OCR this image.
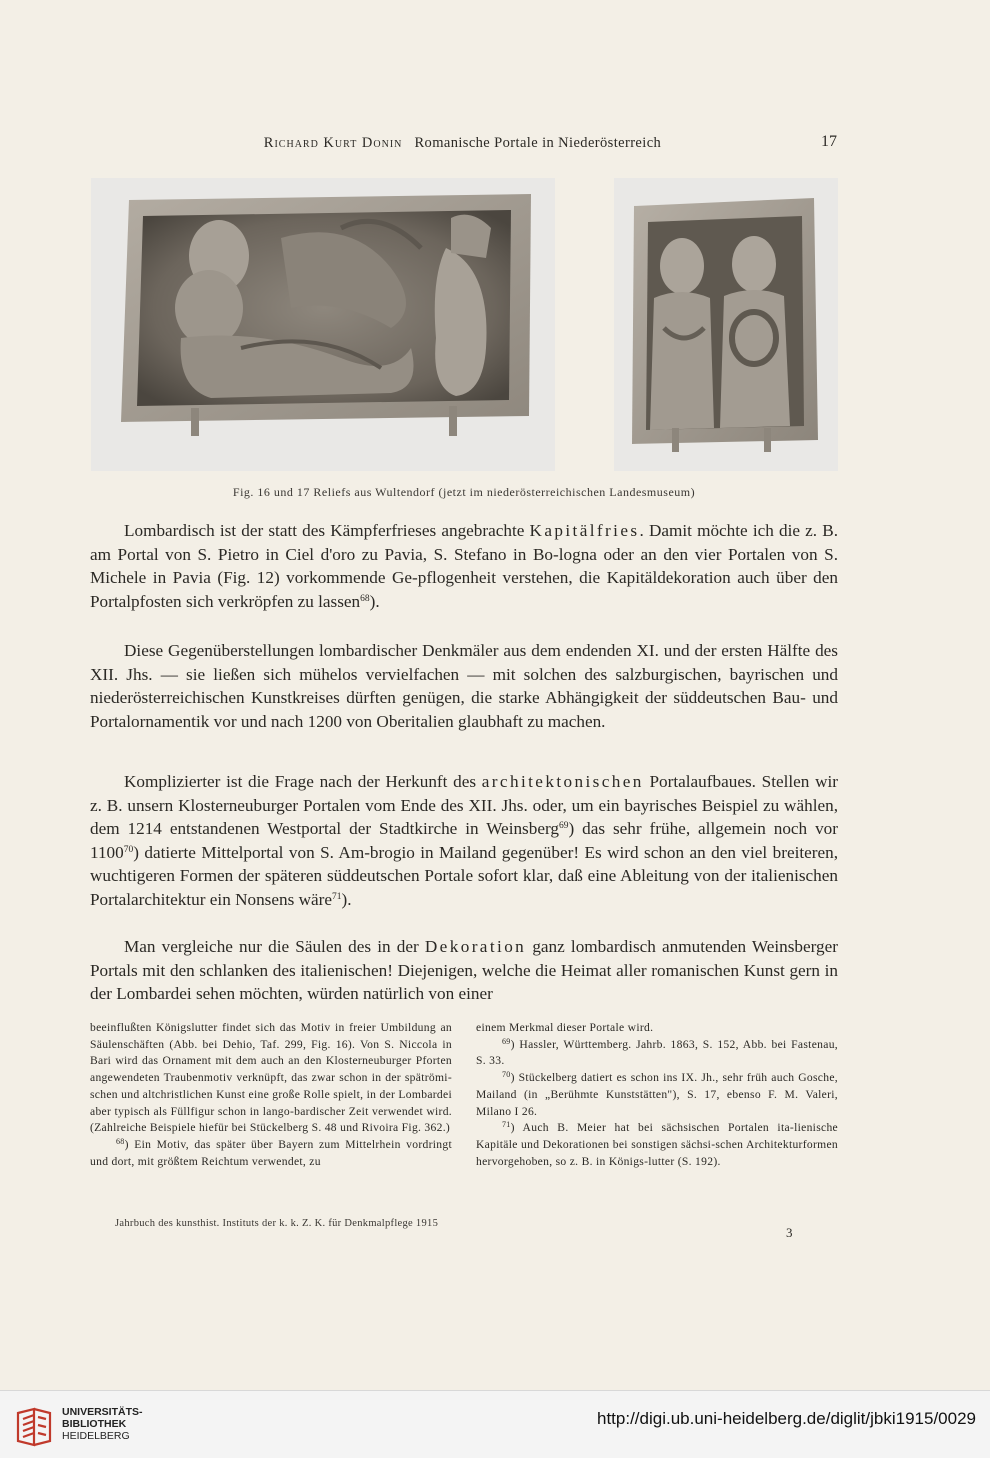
Richard Kurt Donin Romanische Portale in Niederösterreich	17
Fig. 16 und 17 Reliefs aus Wultendorf (jetzt im niederösterreichischen Landesmuseum)

Lombardisch ist der statt des Kämpferfrieses angebrachte Kapitälfries. Damit möchte ich die z. B. am Portal von S. Pietro in Ciel d'oro zu Pavia, S. Stefano in Bo-logna oder an den vier Portalen von S. Michele in Pavia (Fig. 12) vorkommende Ge-pflogenheit verstehen, die Kapitäldekoration auch über den Portalpfosten sich verkröpfen zu lassen$^{68}$).

Diese Gegenüberstellungen lombardischer Denkmäler aus dem endenden XI. und der ersten Hälfte des XII. Jhs. — sie ließen sich mühelos vervielfachen — mit solchen des salzburgischen, bayrischen und niederösterreichischen Kunstkreises dürften genügen, die starke Abhängigkeit der süddeutschen Bau- und Portalornamentik vor und nach 1200 von Oberitalien glaubhaft zu machen.

Komplizierter ist die Frage nach der Herkunft des architektonischen Portalaufbaues. Stellen wir z. B. unsern Klosterneuburger Portalen vom Ende des XII. Jhs. oder, um ein bayrisches Beispiel zu wählen, dem 1214 entstandenen Westportal der Stadtkirche in Weinsberg$^{69}$) das sehr frühe, allgemein noch vor 1100$^{70}$) datierte Mittelportal von S. Am-brogio in Mailand gegenüber! Es wird schon an den viel breiteren, wuchtigeren Formen der späteren süddeutschen Portale sofort klar, daß eine Ableitung von der italienischen Portalarchitektur ein Nonsens wäre$^{71}$).

Man vergleiche nur die Säulen des in der Dekoration ganz lombardisch anmutenden Weinsberger Portals mit den schlanken des italienischen! Diejenigen, welche die Heimat aller romanischen Kunst gern in der Lombardei sehen möchten, würden natürlich von einer

beeinflußten Königslutter findet sich das Motiv in freier Umbildung an Säulenschäften (Abb. bei Dehio, Taf. 299, Fig. 16). Von S. Niccola in Bari wird das Ornament mit dem auch an den Klosterneuburger Pforten angewendeten Traubenmotiv verknüpft, das zwar schon in der spätrömi-schen und altchristlichen Kunst eine große Rolle spielt, in der Lombardei aber typisch als Füllfigur schon in lango-bardischer Zeit verwendet wird. (Zahlreiche Beispiele hiefür bei Stückelberg S. 48 und Rivoira Fig. 362.)

$^{68}$) Ein Motiv, das später über Bayern zum Mittelrhein vordringt und dort, mit größtem Reichtum verwendet, zu

einem Merkmal dieser Portale wird.

$^{69}$) Hassler, Württemberg. Jahrb. 1863, S. 152, Abb. bei Fastenau, S. 33.

$^{70}$) Stückelberg datiert es schon ins IX. Jh., sehr früh auch Gosche, Mailand (in „Berühmte Kunststätten"), S. 17, ebenso F. M. Valeri, Milano I 26.

$^{71}$) Auch B. Meier hat bei sächsischen Portalen ita-lienische Kapitäle und Dekorationen bei sonstigen sächsi-schen Architekturformen hervorgehoben, so z. B. in Königs-lutter (S. 192).

Jahrbuch des kunsthist. Instituts der k. k. Z. K. für Denkmalpflege 1915
3
UNIVERSITÄTS-
BIBLIOTHEK
HEIDELBERG
http://digi.ub.uni-heidelberg.de/diglit/jbki1915/0029
